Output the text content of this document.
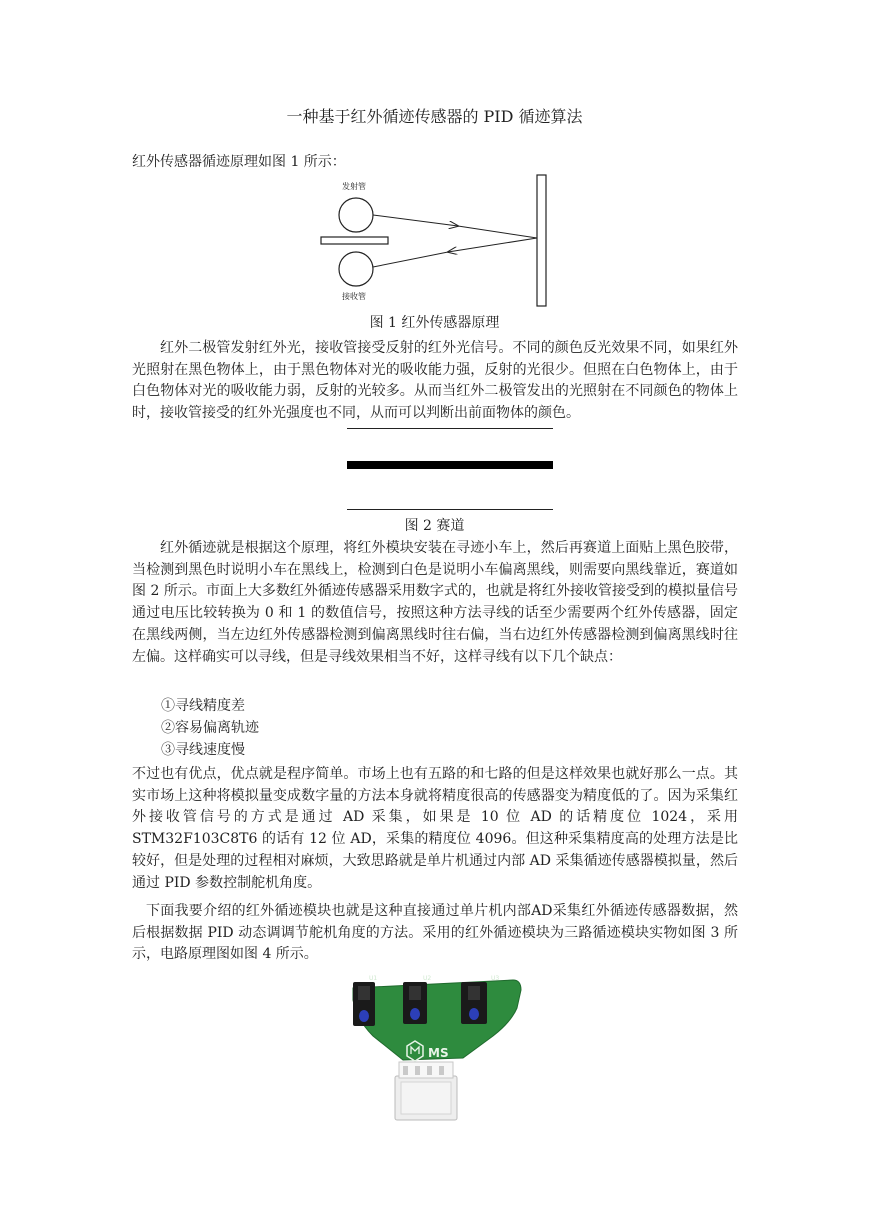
一种基于红外循迹传感器的 PID 循迹算法
红外传感器循迹原理如图 1 所示：
发射管
接收管
图 1 红外传感器原理
红外二极管发射红外光，接收管接受反射的红外光信号。不同的颜色反光效果不同，如果红外光照射在黑色物体上，由于黑色物体对光的吸收能力强，反射的光很少。但照在白色物体上，由于白色物体对光的吸收能力弱，反射的光较多。从而当红外二极管发出的光照射在不同颜色的物体上时，接收管接受的红外光强度也不同，从而可以判断出前面物体的颜色。
图 2 赛道
红外循迹就是根据这个原理，将红外模块安装在寻迹小车上，然后再赛道上面贴上黑色胶带，当检测到黑色时说明小车在黑线上，检测到白色是说明小车偏离黑线，则需要向黑线靠近，赛道如图 2 所示。市面上大多数红外循迹传感器采用数字式的，也就是将红外接收管接受到的模拟量信号通过电压比较转换为 0 和 1 的数值信号，按照这种方法寻线的话至少需要两个红外传感器，固定在黑线两侧，当左边红外传感器检测到偏离黑线时往右偏，当右边红外传感器检测到偏离黑线时往左偏。这样确实可以寻线，但是寻线效果相当不好，这样寻线有以下几个缺点：
①寻线精度差
②容易偏离轨迹
③寻线速度慢
不过也有优点，优点就是程序简单。市场上也有五路的和七路的但是这样效果也就好那么一点。其实市场上这种将模拟量变成数字量的方法本身就将精度很高的传感器变为精度低的了。因为采集红外接收管信号的方式是通过 AD 采集，如果是 10 位 AD 的话精度位 1024，采用 STM32F103C8T6 的话有 12 位 AD，采集的精度位 4096。但这种采集精度高的处理方法是比较好，但是处理的过程相对麻烦，大致思路就是单片机通过内部 AD 采集循迹传感器模拟量，然后通过 PID 参数控制舵机角度。
下面我要介绍的红外循迹模块也就是这种直接通过单片机内部AD采集红外循迹传感器数据，然后根据数据 PID 动态调调节舵机角度的方法。采用的红外循迹模块为三路循迹模块实物如图 3 所示，电路原理图如图 4 所示。
U1	U2	U3
MS
